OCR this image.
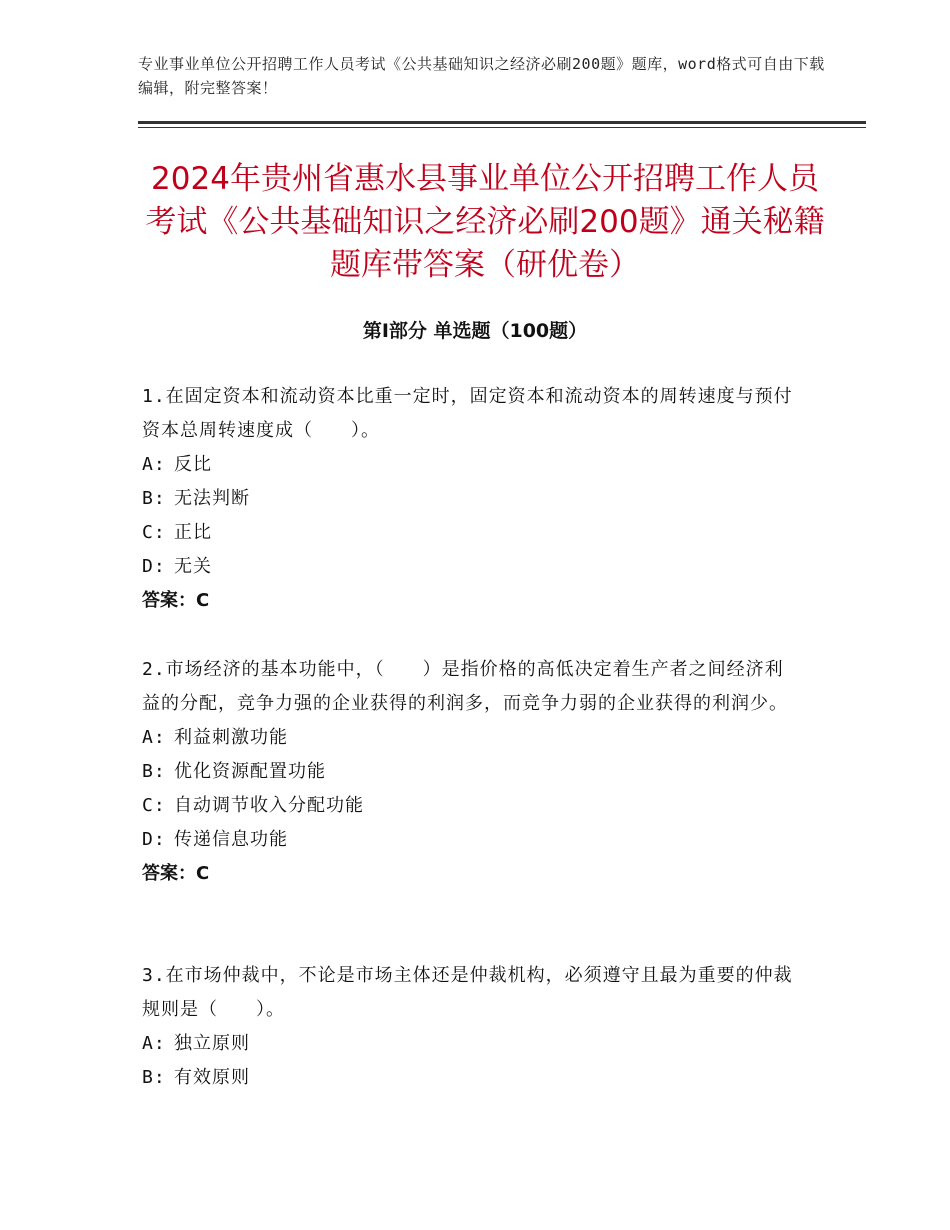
专业事业单位公开招聘工作人员考试《公共基础知识之经济必刷200题》题库，word格式可自由下载编辑，附完整答案！
2024年贵州省惠水县事业单位公开招聘工作人员考试《公共基础知识之经济必刷200题》通关秘籍题库带答案（研优卷）
第Ⅰ部分 单选题（100题）

1.在固定资本和流动资本比重一定时，固定资本和流动资本的周转速度与预付资本总周转速度成（　　）。

A: 反比
B: 无法判断
C: 正比
D: 无关
答案：C

2.市场经济的基本功能中，（　　）是指价格的高低决定着生产者之间经济利益的分配，竞争力强的企业获得的利润多，而竞争力弱的企业获得的利润少。

A: 利益刺激功能
B: 优化资源配置功能
C: 自动调节收入分配功能
D: 传递信息功能
答案：C

3.在市场仲裁中，不论是市场主体还是仲裁机构，必须遵守且最为重要的仲裁规则是（　　）。

A: 独立原则
B: 有效原则
